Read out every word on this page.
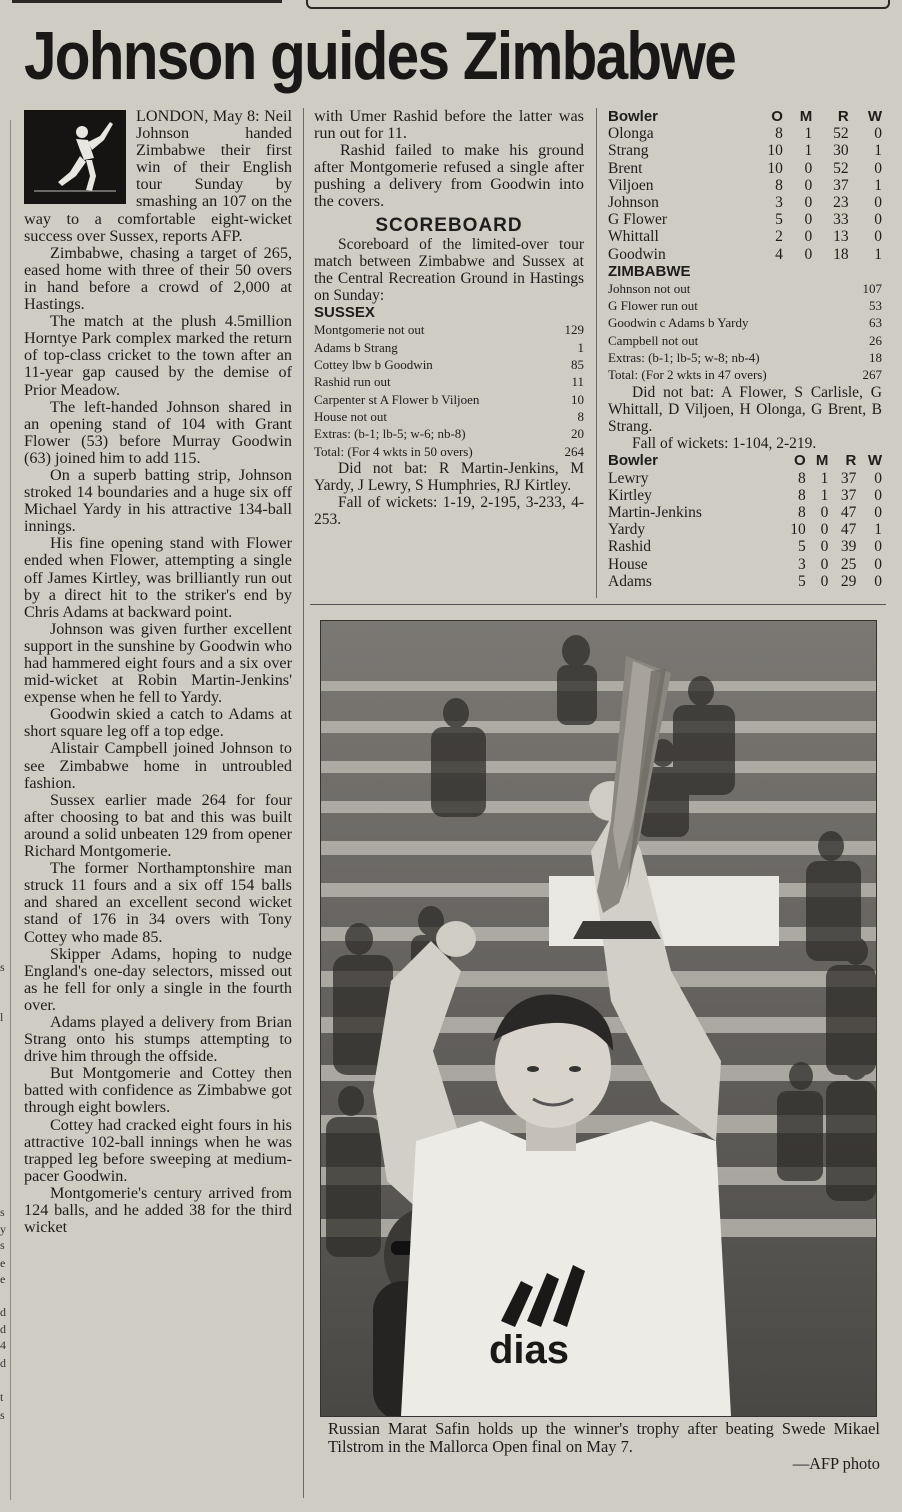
s
l
s
y
s
e
e
d
d
4
d
t
s
Johnson guides Zimbabwe

LONDON, May 8: Neil Johnson handed Zimbabwe their first win of their English tour Sunday by smashing an 107 on the way to a comfortable eight-wicket success over Sussex, reports AFP.

Zimbabwe, chasing a target of 265, eased home with three of their 50 overs in hand before a crowd of 2,000 at Hastings.

The match at the plush 4.5million Horntye Park complex marked the return of top-class cricket to the town after an 11-year gap caused by the demise of Prior Meadow.

The left-handed Johnson shared in an opening stand of 104 with Grant Flower (53) before Murray Goodwin (63) joined him to add 115.

On a superb batting strip, Johnson stroked 14 boundaries and a huge six off Michael Yardy in his attractive 134-ball innings.

His fine opening stand with Flower ended when Flower, attempting a single off James Kirtley, was brilliantly run out by a direct hit to the striker's end by Chris Adams at backward point.

Johnson was given further excellent support in the sunshine by Goodwin who had hammered eight fours and a six over mid-wicket at Robin Martin-Jenkins' expense when he fell to Yardy.

Goodwin skied a catch to Adams at short square leg off a top edge.

Alistair Campbell joined Johnson to see Zimbabwe home in untroubled fashion.

Sussex earlier made 264 for four after choosing to bat and this was built around a solid unbeaten 129 from opener Richard Montgomerie.

The former Northamptonshire man struck 11 fours and a six off 154 balls and shared an excellent second wicket stand of 176 in 34 overs with Tony Cottey who made 85.

Skipper Adams, hoping to nudge England's one-day selectors, missed out as he fell for only a single in the fourth over.

Adams played a delivery from Brian Strang onto his stumps attempting to drive him through the offside.

But Montgomerie and Cottey then batted with confidence as Zimbabwe got through eight bowlers.

Cottey had cracked eight fours in his attractive 102-ball innings when he was trapped leg before sweeping at medium-pacer Goodwin.

Montgomerie's century arrived from 124 balls, and he added 38 for the third wicket

with Umer Rashid before the latter was run out for 11.

Rashid failed to make his ground after Montgomerie refused a single after pushing a delivery from Goodwin into the covers.

SCOREBOARD

Scoreboard of the limited-over tour match between Zimbabwe and Sussex at the Central Recreation Ground in Hastings on Sunday:

SUSSEX
Montgomerie not out	129
Adams b Strang	1
Cottey lbw b Goodwin	85
Rashid run out	11
Carpenter st A Flower b Viljoen	10
House not out	8
Extras: (b-1; lb-5; w-6; nb-8)	20
Total: (For 4 wkts in 50 overs)	264

Did not bat: R Martin-Jenkins, M Yardy, J Lewry, S Humphries, RJ Kirtley.

Fall of wickets: 1-19, 2-195, 3-233, 4-253.

Bowler	O	M	R	W
Olonga	8	1	52	0
Strang	10	1	30	1
Brent	10	0	52	0
Viljoen	8	0	37	1
Johnson	3	0	23	0
G Flower	5	0	33	0
Whittall	2	0	13	0
Goodwin	4	0	18	1
ZIMBABWE
Johnson not out	107
G Flower run out	53
Goodwin c Adams b Yardy	63
Campbell not out	26
Extras: (b-1; lb-5; w-8; nb-4)	18
Total: (For 2 wkts in 47 overs)	267

Did not bat: A Flower, S Carlisle, G Whittall, D Viljoen, H Olonga, G Brent, B Strang.

Fall of wickets: 1-104, 2-219.

Bowler	O	M	R	W
Lewry	8	1	37	0
Kirtley	8	1	37	0
Martin-Jenkins	8	0	47	0
Yardy	10	0	47	1
Rashid	5	0	39	0
House	3	0	25	0
Adams	5	0	29	0
dias
Russian Marat Safin holds up the winner's trophy after beating Swede Mikael Tilstrom in the Mallorca Open final on May 7.
—AFP photo
